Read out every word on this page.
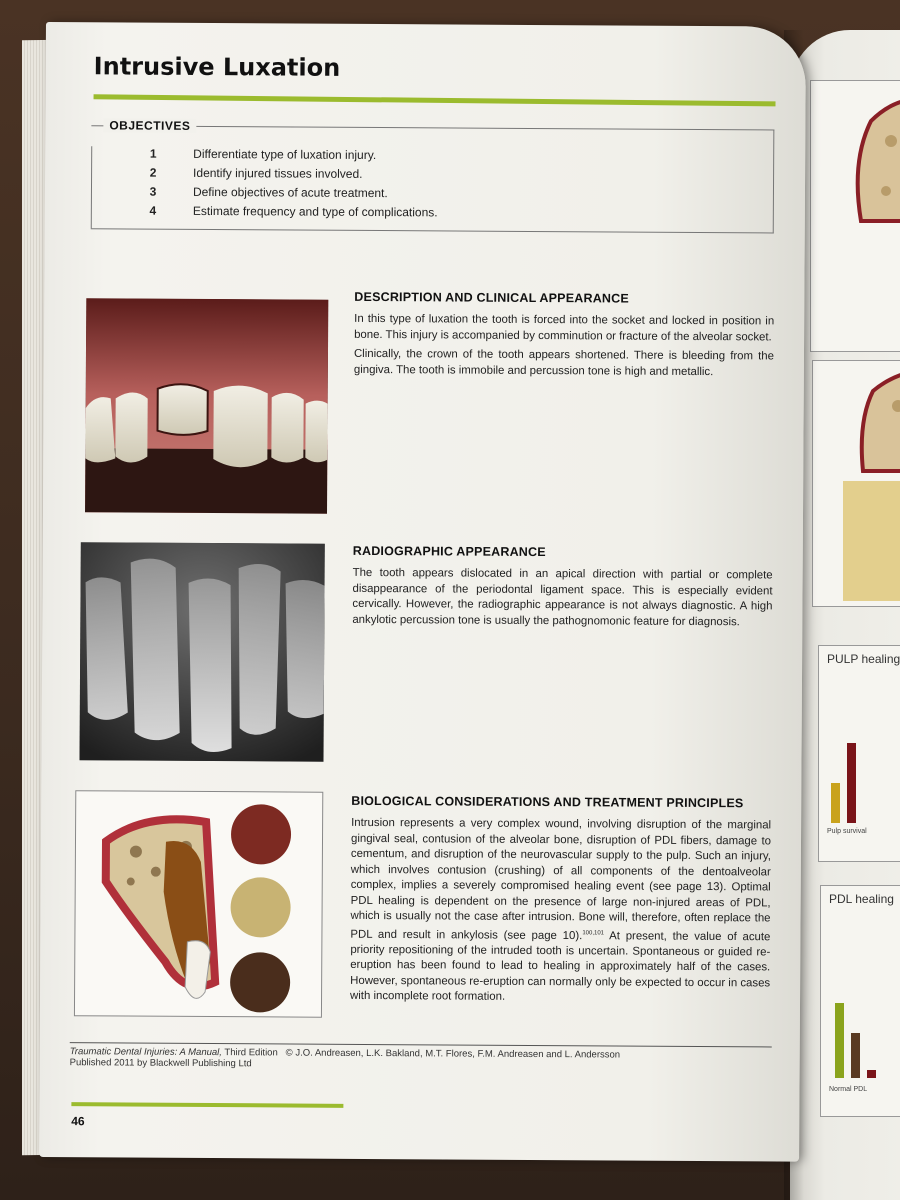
PULP healing
Pulp survival
PDL healing
Normal PDL
Intrusive Luxation
OBJECTIVES
1	Differentiate type of luxation injury.
2	Identify injured tissues involved.
3	Define objectives of acute treatment.
4	Estimate frequency and type of complications.
DESCRIPTION AND CLINICAL APPEARANCE

In this type of luxation the tooth is forced into the socket and locked in position in bone. This injury is accompanied by comminution or fracture of the alveolar socket.

Clinically, the crown of the tooth appears shortened. There is bleeding from the gingiva. The tooth is immobile and percussion tone is high and metallic.

RADIOGRAPHIC APPEARANCE

The tooth appears dislocated in an apical direction with partial or complete disappearance of the periodontal ligament space. This is especially evident cervically. However, the radiographic appearance is not always diagnostic. A high ankylotic percussion tone is usually the pathognomonic feature for diagnosis.

BIOLOGICAL CONSIDERATIONS AND TREATMENT PRINCIPLES

Intrusion represents a very complex wound, involving disruption of the marginal gingival seal, contusion of the alveolar bone, disruption of PDL fibers, damage to cementum, and disruption of the neurovascular supply to the pulp. Such an injury, which involves contusion (crushing) of all components of the dentoalveolar complex, implies a severely compromised healing event (see page 13). Optimal PDL healing is dependent on the presence of large non-injured areas of PDL, which is usually not the case after intrusion. Bone will, therefore, often replace the PDL and result in ankylosis (see page 10).$^{100,101}$ At present, the value of acute priority repositioning of the intruded tooth is uncertain. Spontaneous or guided re-eruption has been found to lead to healing in approximately half of the cases. However, spontaneous re-eruption can normally only be expected to occur in cases with incomplete root formation.

Traumatic Dental Injuries: A Manual, Third Edition © J.O. Andreasen, L.K. Bakland, M.T. Flores, F.M. Andreasen and L. Andersson
Published 2011 by Blackwell Publishing Ltd
46
